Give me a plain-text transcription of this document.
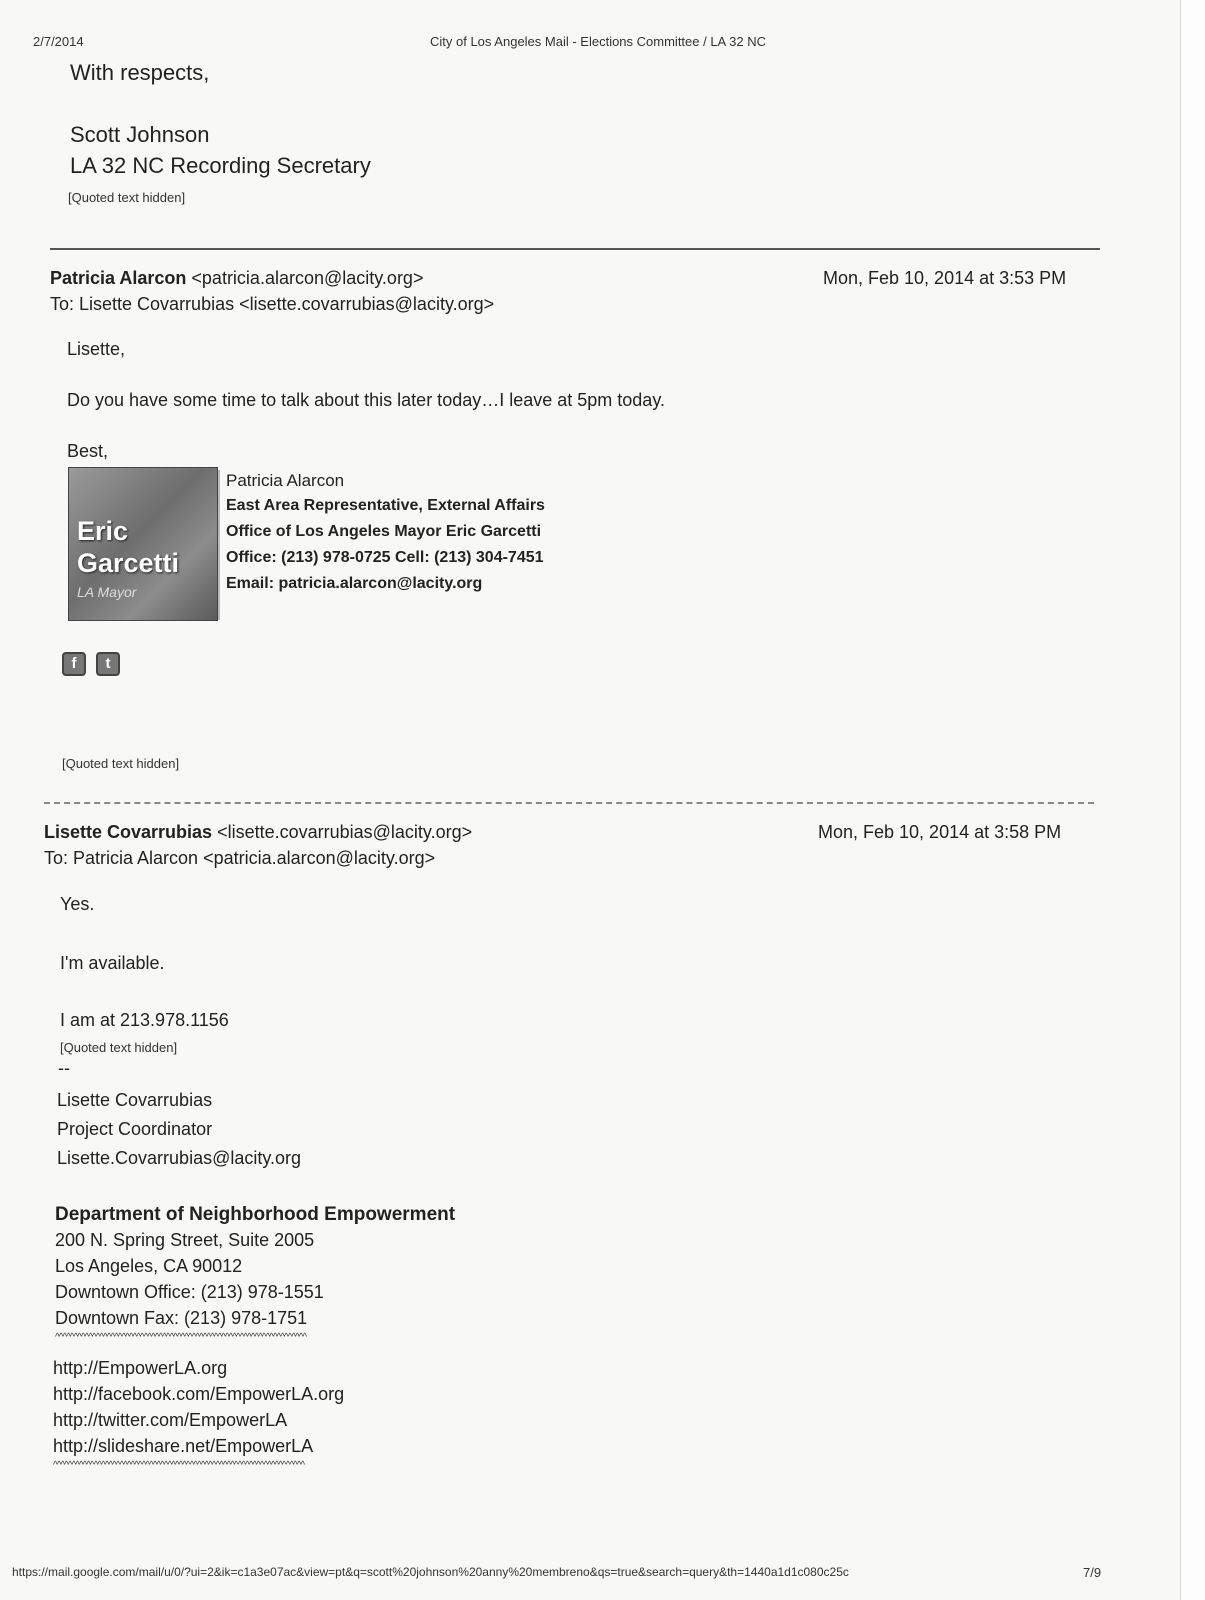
2/7/2014	City of Los Angeles Mail - Elections Committee / LA 32 NC
With respects,
Scott Johnson
LA 32 NC Recording Secretary
[Quoted text hidden]
Patricia Alarcon <patricia.alarcon@lacity.org>	Mon, Feb 10, 2014 at 3:53 PM
To: Lisette Covarrubias <lisette.covarrubias@lacity.org>
Lisette,
Do you have some time to talk about this later today…I leave at 5pm today.
Best,
Eric
Garcetti
LA Mayor
Patricia Alarcon
East Area Representative, External Affairs
Office of Los Angeles Mayor Eric Garcetti
Office: (213) 978-0725 Cell: (213) 304-7451
Email: patricia.alarcon@lacity.org
f	t
[Quoted text hidden]
Lisette Covarrubias <lisette.covarrubias@lacity.org>	Mon, Feb 10, 2014 at 3:58 PM
To: Patricia Alarcon <patricia.alarcon@lacity.org>
Yes.
I'm available.
I am at 213.978.1156
[Quoted text hidden]
--
Lisette Covarrubias
Project Coordinator
Lisette.Covarrubias@lacity.org
Department of Neighborhood Empowerment
200 N. Spring Street, Suite 2005
Los Angeles, CA 90012
Downtown Office: (213) 978-1551
Downtown Fax: (213) 978-1751
^^^^^^^^^^^^^^^^^^^^^^^^^^^^^^^^^^^^^^^^^^^^^^^^^^^^^^^^^^^^^^^^^^^^
http://EmpowerLA.org
http://facebook.com/EmpowerLA.org
http://twitter.com/EmpowerLA
http://slideshare.net/EmpowerLA
^^^^^^^^^^^^^^^^^^^^^^^^^^^^^^^^^^^^^^^^^^^^^^^^^^^^^^^^^^^^^^^^^^^^
https://mail.google.com/mail/u/0/?ui=2&ik=c1a3e07ac&view=pt&q=scott%20johnson%20anny%20membreno&qs=true&search=query&th=1440a1d1c080c25c	7/9
